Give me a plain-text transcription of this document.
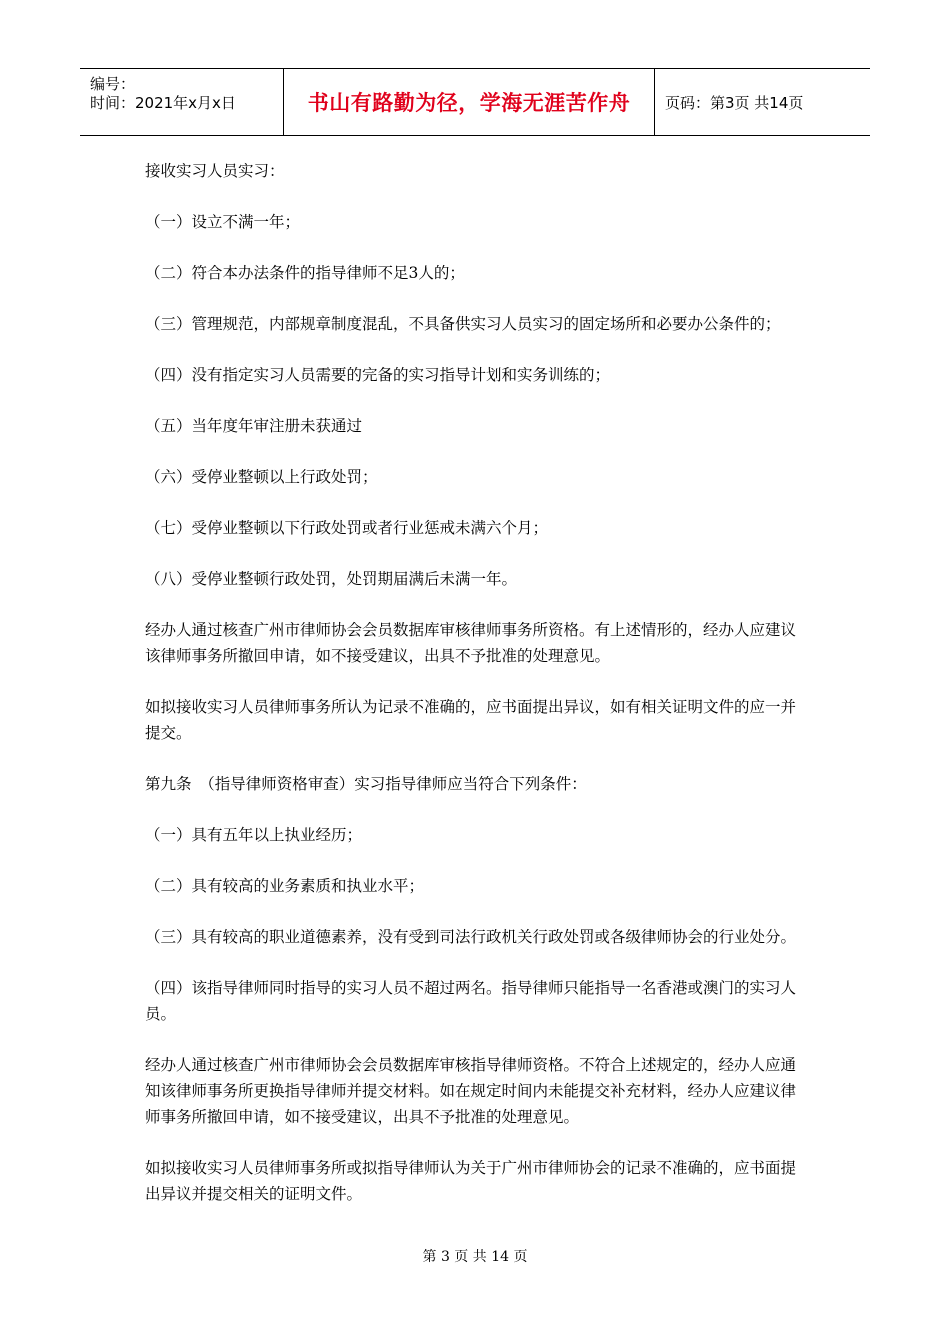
编号：
时间：2021年x月x日	书山有路勤为径，学海无涯苦作舟	页码：第3页 共14页

接收实习人员实习：

（一）设立不满一年；

（二）符合本办法条件的指导律师不足3人的；

（三）管理规范，内部规章制度混乱，不具备供实习人员实习的固定场所和必要办公条件的；

（四）没有指定实习人员需要的完备的实习指导计划和实务训练的；

（五）当年度年审注册未获通过

（六）受停业整顿以上行政处罚；

（七）受停业整顿以下行政处罚或者行业惩戒未满六个月；

（八）受停业整顿行政处罚，处罚期届满后未满一年。

经办人通过核查广州市律师协会会员数据库审核律师事务所资格。有上述情形的，经办人应建议该律师事务所撤回申请，如不接受建议，出具不予批准的处理意见。

如拟接收实习人员律师事务所认为记录不准确的，应书面提出异议，如有相关证明文件的应一并提交。

第九条　（指导律师资格审查）实习指导律师应当符合下列条件：

（一）具有五年以上执业经历；

（二）具有较高的业务素质和执业水平；

（三）具有较高的职业道德素养，没有受到司法行政机关行政处罚或各级律师协会的行业处分。

（四）该指导律师同时指导的实习人员不超过两名。指导律师只能指导一名香港或澳门的实习人员。

经办人通过核查广州市律师协会会员数据库审核指导律师资格。不符合上述规定的，经办人应通知该律师事务所更换指导律师并提交材料。如在规定时间内未能提交补充材料，经办人应建议律师事务所撤回申请，如不接受建议，出具不予批准的处理意见。

如拟接收实习人员律师事务所或拟指导律师认为关于广州市律师协会的记录不准确的，应书面提出异议并提交相关的证明文件。

第 3 页 共 14 页
